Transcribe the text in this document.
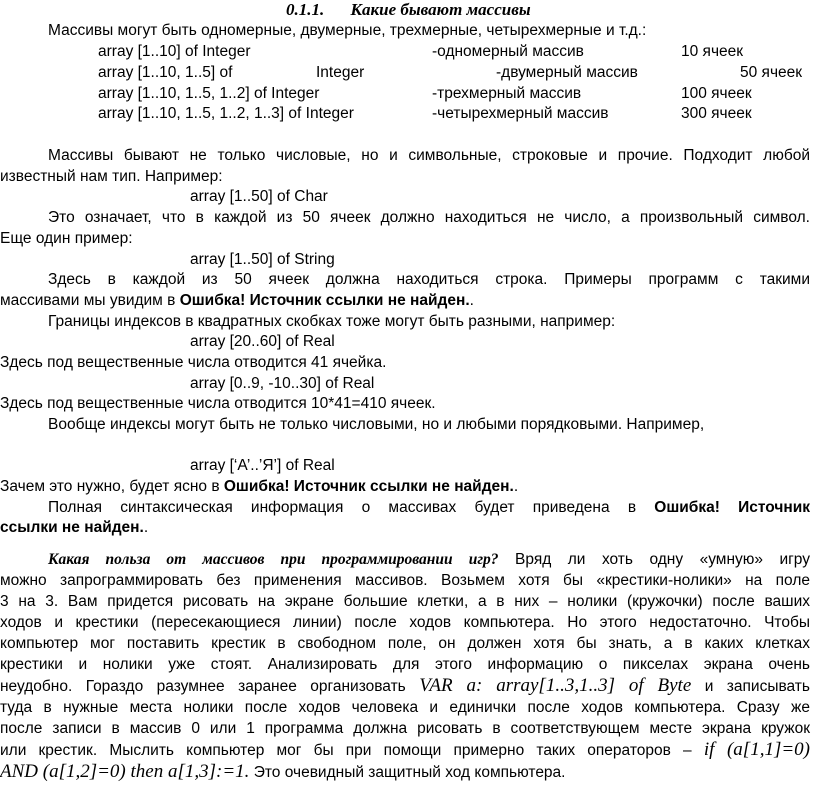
0.1.1. Какие бывают массивы
Массивы могут быть одномерные, двумерные, трехмерные, четырехмерные и т.д.:
array [1..10] of Integer	-одномерный массив	10 ячеек
array [1..10, 1..5] of	Integer	-двумерный массив	50 ячеек
array [1..10, 1..5, 1..2] of Integer	-трехмерный массив	100 ячеек
array [1..10, 1..5, 1..2, 1..3] of Integer	-четырехмерный массив	300 ячеек
Массивы бывают не только числовые, но и символьные, строковые и прочие. Подходит любой
известный нам тип. Например:
array [1..50] of Char
Это означает, что в каждой из 50 ячеек должно находиться не число, а произвольный символ.
Еще один пример:
array [1..50] of String
Здесь в каждой из 50 ячеек должна находиться строка. Примеры программ с такими
массивами мы увидим в Ошибка! Источник ссылки не найден..
Границы индексов в квадратных скобках тоже могут быть разными, например:
array [20..60] of Real
Здесь под вещественные числа отводится 41 ячейка.
array [0..9, -10..30] of Real
Здесь под вещественные числа отводится 10*41=410 ячеек.
Вообще индексы могут быть не только числовыми, но и любыми порядковыми. Например,
array [‘А’..’Я’] of Real
Зачем это нужно, будет ясно в Ошибка! Источник ссылки не найден..
Полная синтаксическая информация о массивах будет приведена в Ошибка! Источник
ссылки не найден..
Какая польза от массивов при программировании игр? Вряд ли хоть одну «умную» игру
можно запрограммировать без применения массивов. Возьмем хотя бы «крестики-нолики» на поле
3 на 3. Вам придется рисовать на экране большие клетки, а в них – нолики (кружочки) после ваших
ходов и крестики (пересекающиеся линии) после ходов компьютера. Но этого недостаточно. Чтобы
компьютер мог поставить крестик в свободном поле, он должен хотя бы знать, а в каких клетках
крестики и нолики уже стоят. Анализировать для этого информацию о пикселах экрана очень
неудобно. Гораздо разумнее заранее организовать VAR a: array[1..3,1..3] of Byte и записывать
туда в нужные места нолики после ходов человека и единички после ходов компьютера. Сразу же
после записи в массив 0 или 1 программа должна рисовать в соответствующем месте экрана кружок
или крестик. Мыслить компьютер мог бы при помощи примерно таких операторов – if (a[1,1]=0)
AND (a[1,2]=0) then a[1,3]:=1. Это очевидный защитный ход компьютера.
